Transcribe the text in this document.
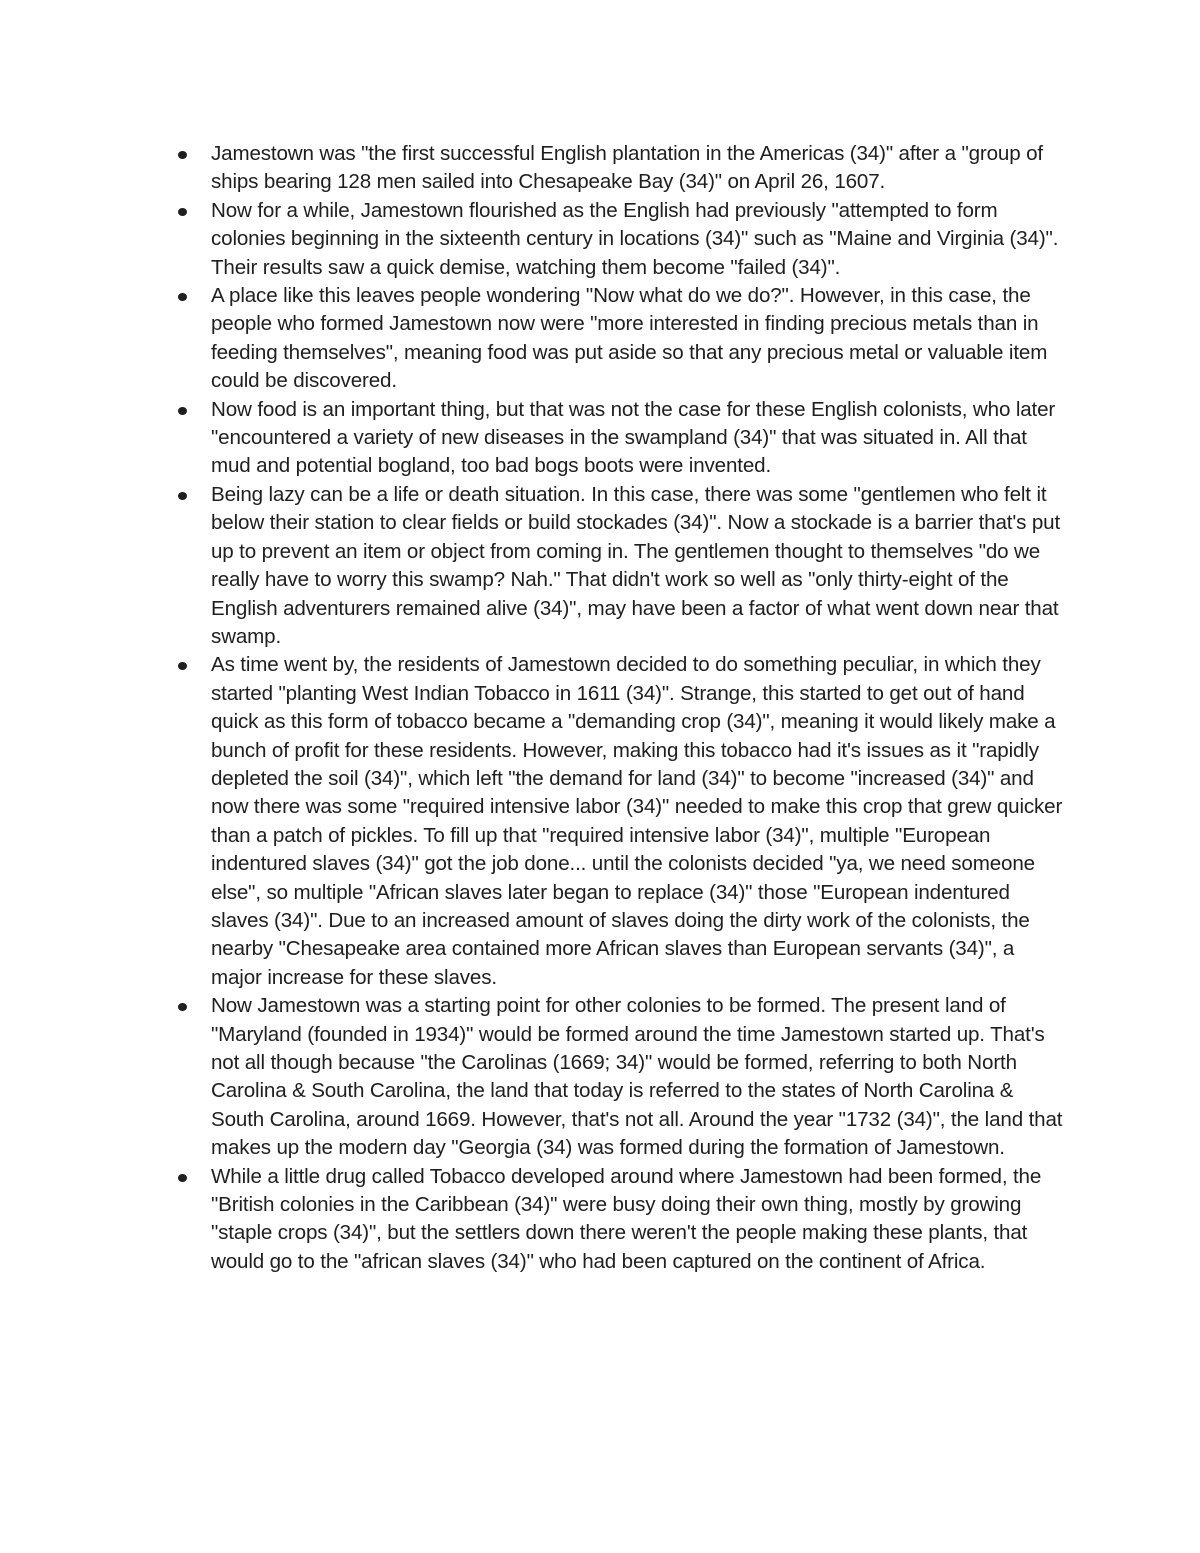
Jamestown was "the first successful English plantation in the Americas (34)" after a "group of ships bearing 128 men sailed into Chesapeake Bay (34)" on April 26, 1607.
Now for a while, Jamestown flourished as the English had previously "attempted to form colonies beginning in the sixteenth century in locations (34)" such as "Maine and Virginia (34)". Their results saw a quick demise, watching them become "failed (34)".
A place like this leaves people wondering "Now what do we do?". However, in this case, the people who formed Jamestown now were "more interested in finding precious metals than in feeding themselves", meaning food was put aside so that any precious metal or valuable item could be discovered.
Now food is an important thing, but that was not the case for these English colonists, who later "encountered a variety of new diseases in the swampland (34)" that was situated in. All that mud and potential bogland, too bad bogs boots were invented.
Being lazy can be a life or death situation. In this case, there was some "gentlemen who felt it below their station to clear fields or build stockades (34)". Now a stockade is a barrier that's put up to prevent an item or object from coming in. The gentlemen thought to themselves "do we really have to worry this swamp? Nah." That didn't work so well as "only thirty-eight of the English adventurers remained alive (34)", may have been a factor of what went down near that swamp.
As time went by, the residents of Jamestown decided to do something peculiar, in which they started "planting West Indian Tobacco in 1611 (34)". Strange, this started to get out of hand quick as this form of tobacco became a "demanding crop (34)", meaning it would likely make a bunch of profit for these residents. However, making this tobacco had it's issues as it "rapidly depleted the soil (34)", which left "the demand for land (34)" to become "increased (34)" and now there was some "required intensive labor (34)" needed to make this crop that grew quicker than a patch of pickles. To fill up that "required intensive labor (34)", multiple "European indentured slaves (34)" got the job done... until the colonists decided "ya, we need someone else", so multiple "African slaves later began to replace (34)" those "European indentured slaves (34)". Due to an increased amount of slaves doing the dirty work of the colonists, the nearby "Chesapeake area contained more African slaves than European servants (34)", a major increase for these slaves.
Now Jamestown was a starting point for other colonies to be formed. The present land of "Maryland (founded in 1934)" would be formed around the time Jamestown started up. That's not all though because "the Carolinas (1669; 34)" would be formed, referring to both North Carolina & South Carolina, the land that today is referred to the states of North Carolina & South Carolina, around 1669. However, that's not all. Around the year "1732 (34)", the land that makes up the modern day "Georgia (34) was formed during the formation of Jamestown.
While a little drug called Tobacco developed around where Jamestown had been formed, the "British colonies in the Caribbean (34)" were busy doing their own thing, mostly by growing "staple crops (34)", but the settlers down there weren't the people making these plants, that would go to the "african slaves (34)" who had been captured on the continent of Africa.
